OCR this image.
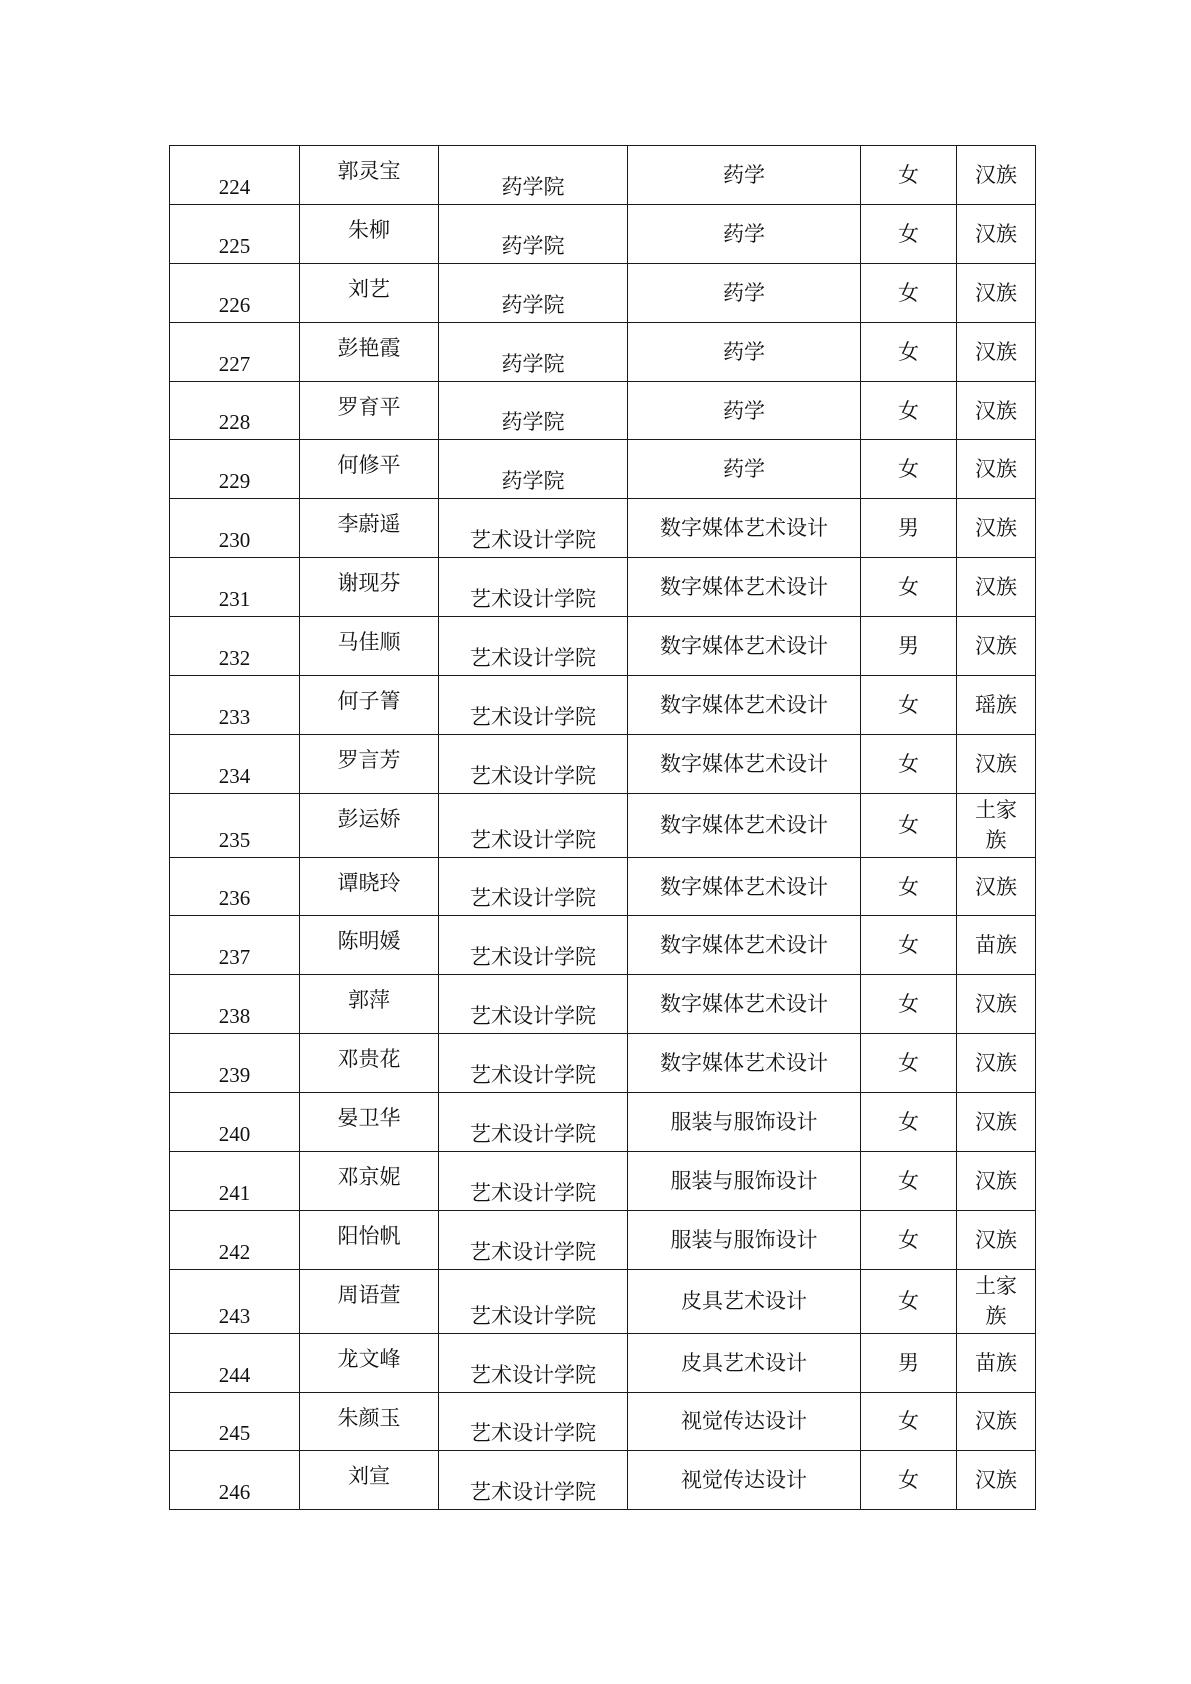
224	郭灵宝	药学院	药学	女	汉族
225	朱柳	药学院	药学	女	汉族
226	刘艺	药学院	药学	女	汉族
227	彭艳霞	药学院	药学	女	汉族
228	罗育平	药学院	药学	女	汉族
229	何修平	药学院	药学	女	汉族
230	李蔚遥	艺术设计学院	数字媒体艺术设计	男	汉族
231	谢现芬	艺术设计学院	数字媒体艺术设计	女	汉族
232	马佳顺	艺术设计学院	数字媒体艺术设计	男	汉族
233	何子箐	艺术设计学院	数字媒体艺术设计	女	瑶族
234	罗言芳	艺术设计学院	数字媒体艺术设计	女	汉族
235	彭运娇	艺术设计学院	数字媒体艺术设计	女	土家族
236	谭晓玲	艺术设计学院	数字媒体艺术设计	女	汉族
237	陈明媛	艺术设计学院	数字媒体艺术设计	女	苗族
238	郭萍	艺术设计学院	数字媒体艺术设计	女	汉族
239	邓贵花	艺术设计学院	数字媒体艺术设计	女	汉族
240	晏卫华	艺术设计学院	服装与服饰设计	女	汉族
241	邓京妮	艺术设计学院	服装与服饰设计	女	汉族
242	阳怡帆	艺术设计学院	服装与服饰设计	女	汉族
243	周语萱	艺术设计学院	皮具艺术设计	女	土家族
244	龙文峰	艺术设计学院	皮具艺术设计	男	苗族
245	朱颜玉	艺术设计学院	视觉传达设计	女	汉族
246	刘宣	艺术设计学院	视觉传达设计	女	汉族
